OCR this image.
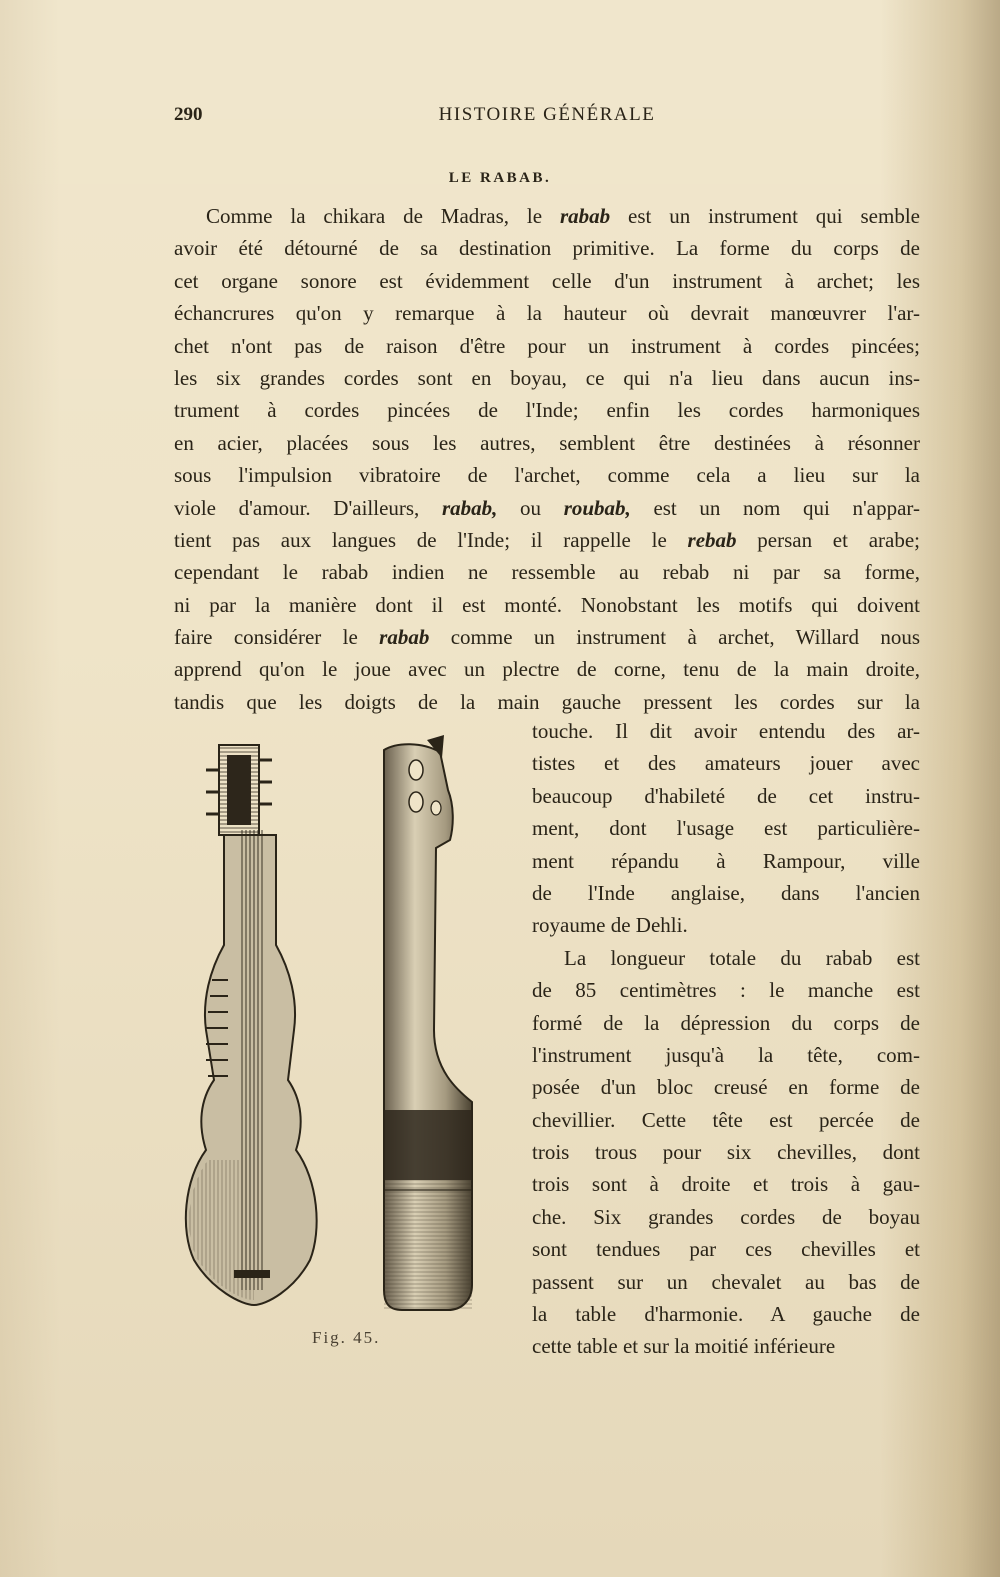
290	HISTOIRE GÉNÉRALE
LE RABAB.
Comme la chikara de Madras, le rabab est un instrument qui semble
avoir été détourné de sa destination primitive. La forme du corps de
cet organe sonore est évidemment celle d'un instrument à archet; les
échancrures qu'on y remarque à la hauteur où devrait manœuvrer l'ar-
chet n'ont pas de raison d'être pour un instrument à cordes pincées;
les six grandes cordes sont en boyau, ce qui n'a lieu dans aucun ins-
trument à cordes pincées de l'Inde; enfin les cordes harmoniques
en acier, placées sous les autres, semblent être destinées à résonner
sous l'impulsion vibratoire de l'archet, comme cela a lieu sur la
viole d'amour. D'ailleurs, rabab, ou roubab, est un nom qui n'appar-
tient pas aux langues de l'Inde; il rappelle le rebab persan et arabe;
cependant le rabab indien ne ressemble au rebab ni par sa forme,
ni par la manière dont il est monté. Nonobstant les motifs qui doivent
faire considérer le rabab comme un instrument à archet, Willard nous
apprend qu'on le joue avec un plectre de corne, tenu de la main droite,
tandis que les doigts de la main gauche pressent les cordes sur la
touche. Il dit avoir entendu des ar-
tistes et des amateurs jouer avec
beaucoup d'habileté de cet instru-
ment, dont l'usage est particulière-
ment répandu à Rampour, ville
de l'Inde anglaise, dans l'ancien
royaume de Dehli.
La longueur totale du rabab est
de 85 centimètres : le manche est
formé de la dépression du corps de
l'instrument jusqu'à la tête, com-
posée d'un bloc creusé en forme de
chevillier. Cette tête est percée de
trois trous pour six chevilles, dont
trois sont à droite et trois à gau-
che. Six grandes cordes de boyau
sont tendues par ces chevilles et
passent sur un chevalet au bas de
la table d'harmonie. A gauche de
cette table et sur la moitié inférieure
Fig. 45.
